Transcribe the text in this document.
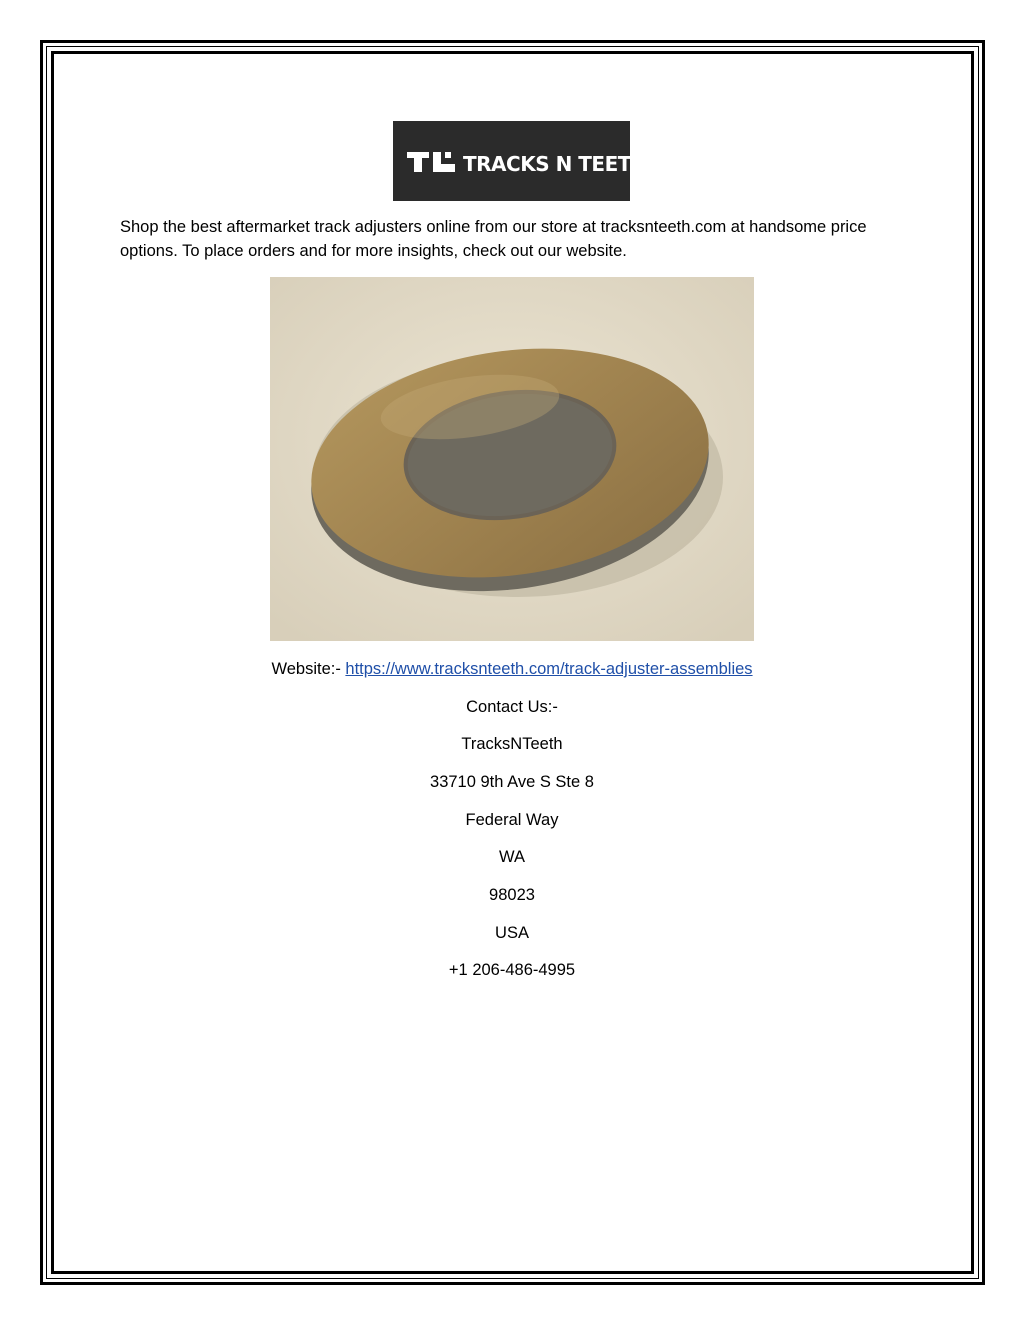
TRACKS N TEETH

Shop the best aftermarket track adjusters online from our store at tracksnteeth.com at handsome price options. To place orders and for more insights, check out our website.

Website:- https://www.tracksnteeth.com/track-adjuster-assemblies

Contact Us:-

TracksNTeeth

33710 9th Ave S Ste 8

Federal Way

WA

98023

USA

+1 206-486-4995
